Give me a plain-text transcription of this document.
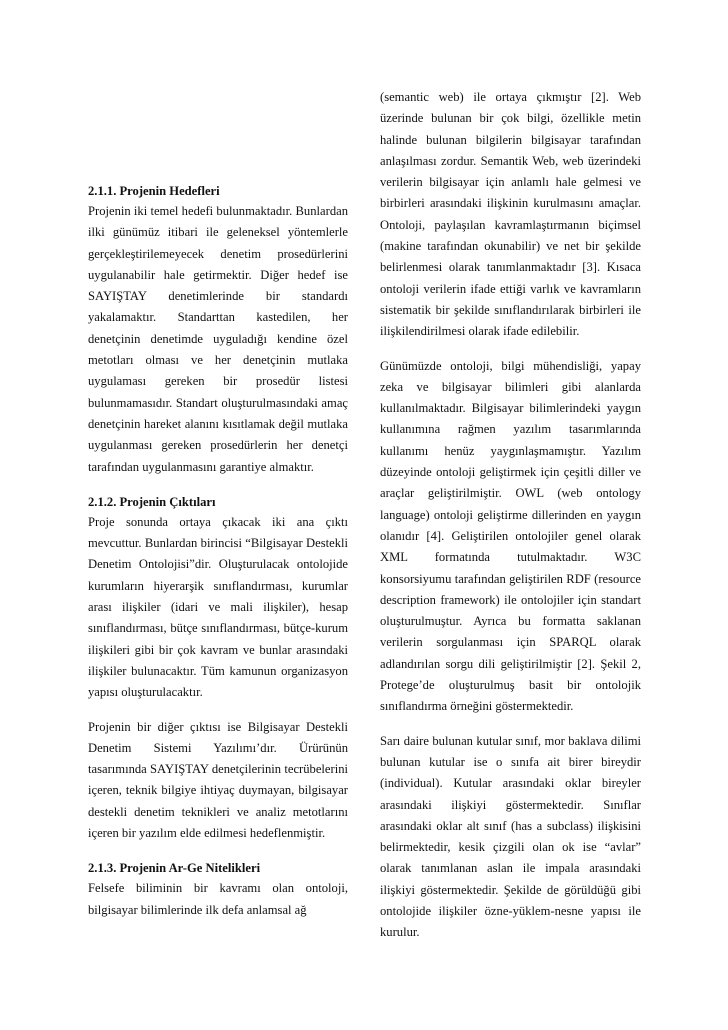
2.1.1. Projenin Hedefleri

Projenin iki temel hedefi bulunmaktadır. Bunlardan ilki günümüz itibari ile geleneksel yöntemlerle gerçekleştirilemeyecek denetim prosedürlerini uygulanabilir hale getirmektir. Diğer hedef ise SAYIŞTAY denetimlerinde bir standardı yakalamaktır. Standarttan kastedilen, her denetçinin denetimde uyguladığı kendine özel metotları olması ve her denetçinin mutlaka uygulaması gereken bir prosedür listesi bulunmamasıdır. Standart oluşturulmasındaki amaç denetçinin hareket alanını kısıtlamak değil mutlaka uygulanması gereken prosedürlerin her denetçi tarafından uygulanmasını garantiye almaktır.

2.1.2. Projenin Çıktıları

Proje sonunda ortaya çıkacak iki ana çıktı mevcuttur. Bunlardan birincisi “Bilgisayar Destekli Denetim Ontolojisi”dir. Oluşturulacak ontolojide kurumların hiyerarşik sınıflandırması, kurumlar arası ilişkiler (idari ve mali ilişkiler), hesap sınıflandırması, bütçe sınıflandırması, bütçe-kurum ilişkileri gibi bir çok kavram ve bunlar arasındaki ilişkiler bulunacaktır. Tüm kamunun organizasyon yapısı oluşturulacaktır.

Projenin bir diğer çıktısı ise Bilgisayar Destekli Denetim Sistemi Yazılımı’dır. Ürürünün tasarımında SAYIŞTAY denetçilerinin tecrübelerini içeren, teknik bilgiye ihtiyaç duymayan, bilgisayar destekli denetim teknikleri ve analiz metotlarını içeren bir yazılım elde edilmesi hedeflenmiştir.

2.1.3. Projenin Ar-Ge Nitelikleri

Felsefe biliminin bir kavramı olan ontoloji, bilgisayar bilimlerinde ilk defa anlamsal ağ

(semantic web) ile ortaya çıkmıştır [2]. Web üzerinde bulunan bir çok bilgi, özellikle metin halinde bulunan bilgilerin bilgisayar tarafından anlaşılması zordur. Semantik Web, web üzerindeki verilerin bilgisayar için anlamlı hale gelmesi ve birbirleri arasındaki ilişkinin kurulmasını amaçlar. Ontoloji, paylaşılan kavramlaştırmanın biçimsel (makine tarafından okunabilir) ve net bir şekilde belirlenmesi olarak tanımlanmaktadır [3]. Kısaca ontoloji verilerin ifade ettiği varlık ve kavramların sistematik bir şekilde sınıflandırılarak birbirleri ile ilişkilendirilmesi olarak ifade edilebilir.

Günümüzde ontoloji, bilgi mühendisliği, yapay zeka ve bilgisayar bilimleri gibi alanlarda kullanılmaktadır. Bilgisayar bilimlerindeki yaygın kullanımına rağmen yazılım tasarımlarında kullanımı henüz yaygınlaşmamıştır. Yazılım düzeyinde ontoloji geliştirmek için çeşitli diller ve araçlar geliştirilmiştir. OWL (web ontology language) ontoloji geliştirme dillerinden en yaygın olanıdır [4]. Geliştirilen ontolojiler genel olarak XML formatında tutulmaktadır. W3C konsorsiyumu tarafından geliştirilen RDF (resource description framework) ile ontolojiler için standart oluşturulmuştur. Ayrıca bu formatta saklanan verilerin sorgulanması için SPARQL olarak adlandırılan sorgu dili geliştirilmiştir [2]. Şekil 2, Protege’de oluşturulmuş basit bir ontolojik sınıflandırma örneğini göstermektedir.

Sarı daire bulunan kutular sınıf, mor baklava dilimi bulunan kutular ise o sınıfa ait birer bireydir (individual). Kutular arasındaki oklar bireyler arasındaki ilişkiyi göstermektedir. Sınıflar arasındaki oklar alt sınıf (has a subclass) ilişkisini belirmektedir, kesik çizgili olan ok ise “avlar” olarak tanımlanan aslan ile impala arasındaki ilişkiyi göstermektedir. Şekilde de görüldüğü gibi ontolojide ilişkiler özne-yüklem-nesne yapısı ile kurulur.
